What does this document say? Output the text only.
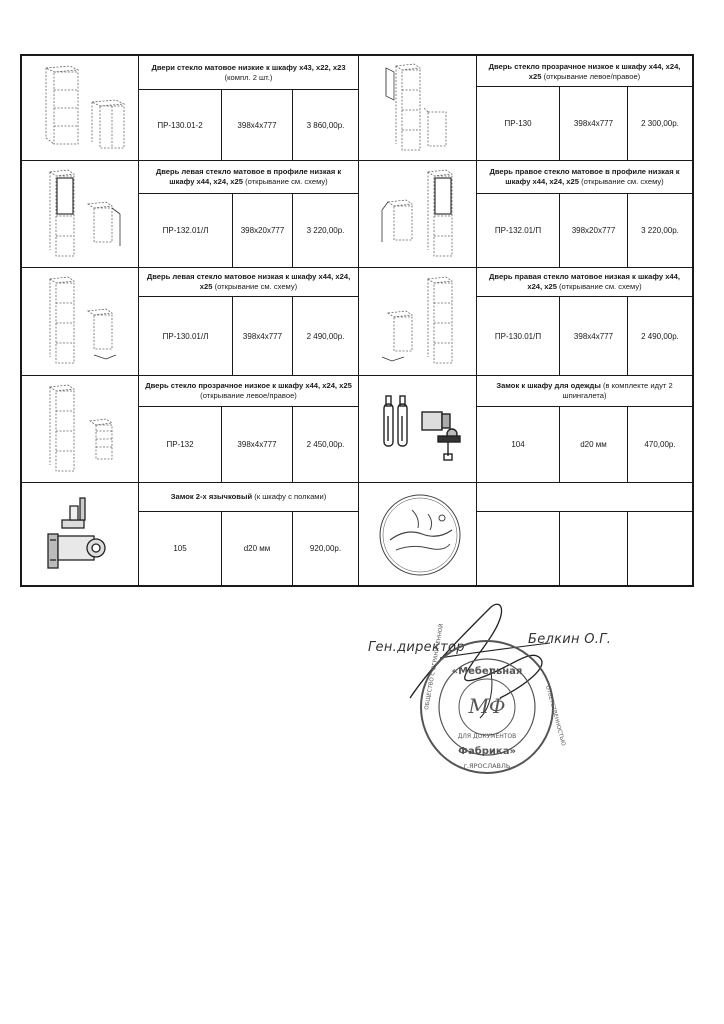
Двери стекло матовое низкие к шкафу х43, х22, х23 (компл. 2 шт.)
ПР-130.01-2	398х4х777	3 860,00р.
Дверь стекло прозрачное низкое к шкафу х44, х24, х25 (открывание левое/правое)
ПР-130	398х4х777	2 300,00р.
Дверь левая стекло матовое в профиле низкая к шкафу х44, х24, х25 (открывание см. схему)
ПР-132.01/Л	398х20х777	3 220,00р.
Дверь правое стекло матовое в профиле низкая к шкафу х44, х24, х25 (открывание см. схему)
ПР-132.01/П	398х20х777	3 220,00р.
Дверь левая стекло матовое низкая к шкафу х44, х24, х25 (открывание см. схему)
ПР-130.01/Л	398х4х777	2 490,00р.
Дверь правая стекло матовое низкая к шкафу х44, х24, х25 (открывание см. схему)
ПР-130.01/П	398х4х777	2 490,00р.
Дверь стекло прозрачное низкое к шкафу х44, х24, х25 (открывание левое/правое)
ПР-132	398х4х777	2 450,00р.
Замок к шкафу для одежды (в комплекте идут 2 шпингалета)
104	d20 мм	470,00р.
Замок 2-х язычковый (к шкафу с полками)
105	d20 мм	920,00р.
Ген.директор
Белкин О.Г.
МФ
ДЛЯ ДОКУМЕНТОВ
«Мебельная
Фабрика»
г.ЯРОСЛАВЛЬ
ОБЩЕСТВО С ОГРАНИЧЕННОЙ
ОТВЕТСТВЕННОСТЬЮ
